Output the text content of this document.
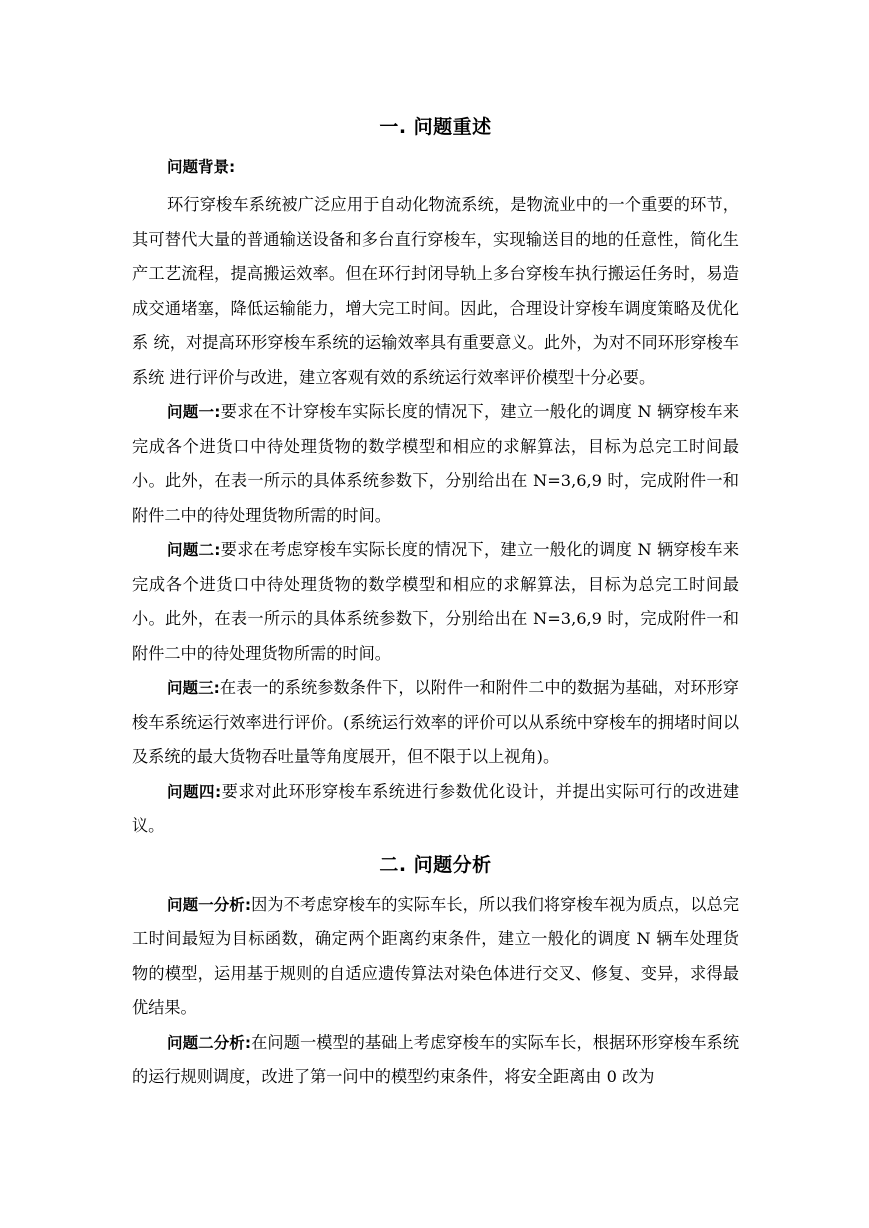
一. 问题重述
问题背景:

环行穿梭车系统被广泛应用于自动化物流系统，是物流业中的一个重要的环节，其可替代大量的普通输送设备和多台直行穿梭车，实现输送目的地的任意性，简化生产工艺流程，提高搬运效率。但在环行封闭导轨上多台穿梭车执行搬运任务时，易造 成交通堵塞，降低运输能力，增大完工时间。因此，合理设计穿梭车调度策略及优化系 统，对提高环形穿梭车系统的运输效率具有重要意义。此外，为对不同环形穿梭车系统 进行评价与改进，建立客观有效的系统运行效率评价模型十分必要。

问题一:要求在不计穿梭车实际长度的情况下，建立一般化的调度 N 辆穿梭车来完成各个进货口中待处理货物的数学模型和相应的求解算法，目标为总完工时间最小。此外，在表一所示的具体系统参数下，分别给出在 N=3,6,9 时，完成附件一和附件二中的待处理货物所需的时间。

问题二:要求在考虑穿梭车实际长度的情况下，建立一般化的调度 N 辆穿梭车来完成各个进货口中待处理货物的数学模型和相应的求解算法，目标为总完工时间最小。此外，在表一所示的具体系统参数下，分别给出在 N=3,6,9 时，完成附件一和附件二中的待处理货物所需的时间。

问题三:在表一的系统参数条件下，以附件一和附件二中的数据为基础，对环形穿梭车系统运行效率进行评价。(系统运行效率的评价可以从系统中穿梭车的拥堵时间以及系统的最大货物吞吐量等角度展开，但不限于以上视角)。

问题四:要求对此环形穿梭车系统进行参数优化设计，并提出实际可行的改进建议。

二. 问题分析

问题一分析:因为不考虑穿梭车的实际车长，所以我们将穿梭车视为质点，以总完工时间最短为目标函数，确定两个距离约束条件，建立一般化的调度 N 辆车处理货物的模型，运用基于规则的自适应遗传算法对染色体进行交叉、修复、变异，求得最优结果。

问题二分析:在问题一模型的基础上考虑穿梭车的实际车长，根据环形穿梭车系统的运行规则调度，改进了第一问中的模型约束条件，将安全距离由 0 改为
